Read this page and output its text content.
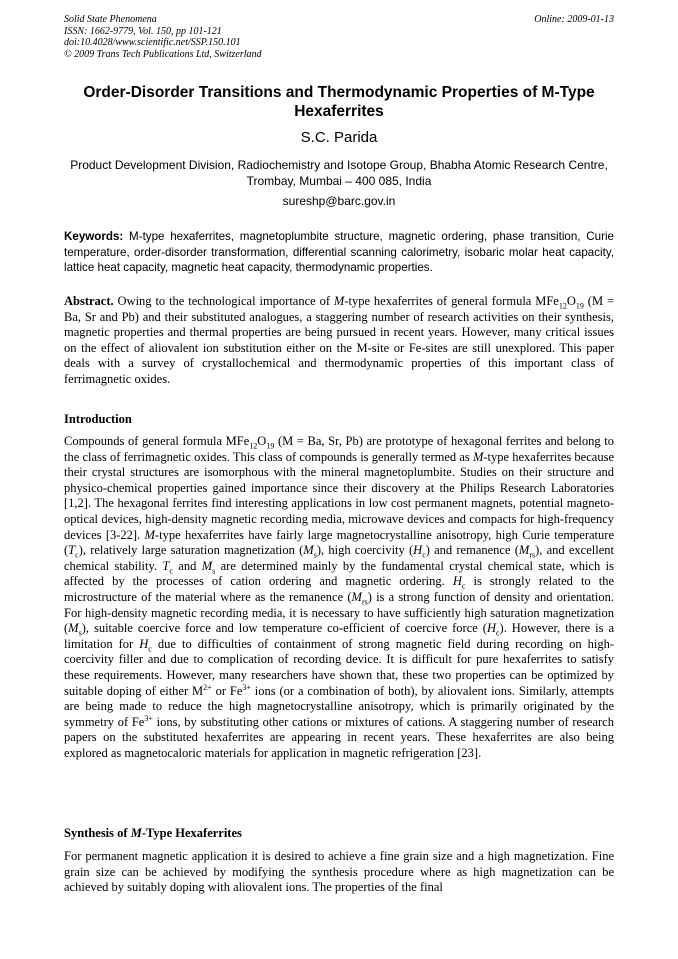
Solid State Phenomena
ISSN: 1662-9779, Vol. 150, pp 101-121
doi:10.4028/www.scientific.net/SSP.150.101
© 2009 Trans Tech Publications Ltd, Switzerland
Online: 2009-01-13
Order-Disorder Transitions and Thermodynamic Properties of M-Type Hexaferrites
S.C. Parida
Product Development Division, Radiochemistry and Isotope Group, Bhabha Atomic Research Centre, Trombay, Mumbai – 400 085, India
sureshp@barc.gov.in
Keywords: M-type hexaferrites, magnetoplumbite structure, magnetic ordering, phase transition, Curie temperature, order-disorder transformation, differential scanning calorimetry, isobaric molar heat capacity, lattice heat capacity, magnetic heat capacity, thermodynamic properties.
Abstract. Owing to the technological importance of M-type hexaferrites of general formula $MFe_{12}O_{19}$ (M = Ba, Sr and Pb) and their substituted analogues, a staggering number of research activities on their synthesis, magnetic properties and thermal properties are being pursued in recent years. However, many critical issues on the effect of aliovalent ion substitution either on the M-site or Fe-sites are still unexplored. This paper deals with a survey of crystallochemical and thermodynamic properties of this important class of ferrimagnetic oxides.
Introduction
Compounds of general formula $MFe_{12}O_{19}$ (M = Ba, Sr, Pb) are prototype of hexagonal ferrites and belong to the class of ferrimagnetic oxides. This class of compounds is generally termed as M-type hexaferrites because their crystal structures are isomorphous with the mineral magnetoplumbite. Studies on their structure and physico-chemical properties gained importance since their discovery at the Philips Research Laboratories [1,2]. The hexagonal ferrites find interesting applications in low cost permanent magnets, potential magneto-optical devices, high-density magnetic recording media, microwave devices and compacts for high-frequency devices [3-22]. M-type hexaferrites have fairly large magnetocrystalline anisotropy, high Curie temperature $(T_c)$, relatively large saturation magnetization $(M_s)$, high coercivity $(H_c)$ and remanence $(M_{rs})$, and excellent chemical stability. $T_c$ and $M_s$ are determined mainly by the fundamental crystal chemical state, which is affected by the processes of cation ordering and magnetic ordering. $H_c$ is strongly related to the microstructure of the material where as the remanence $(M_{rs})$ is a strong function of density and orientation. For high-density magnetic recording media, it is necessary to have sufficiently high saturation magnetization $(M_s)$, suitable coercive force and low temperature co-efficient of coercive force $(H_c)$. However, there is a limitation for $H_c$ due to difficulties of containment of strong magnetic field during recording on high-coercivity filler and due to complication of recording device. It is difficult for pure hexaferrites to satisfy these requirements. However, many researchers have shown that, these two properties can be optimized by suitable doping of either $M^{2+}$ or $Fe^{3+}$ ions (or a combination of both), by aliovalent ions. Similarly, attempts are being made to reduce the high magnetocrystalline anisotropy, which is primarily originated by the symmetry of $Fe^{3+}$ ions, by substituting other cations or mixtures of cations. A staggering number of research papers on the substituted hexaferrites are appearing in recent years. These hexaferrites are also being explored as magnetocaloric materials for application in magnetic refrigeration [23].
Synthesis of M-Type Hexaferrites
For permanent magnetic application it is desired to achieve a fine grain size and a high magnetization. Fine grain size can be achieved by modifying the synthesis procedure where as high magnetization can be achieved by suitably doping with aliovalent ions. The properties of the final
